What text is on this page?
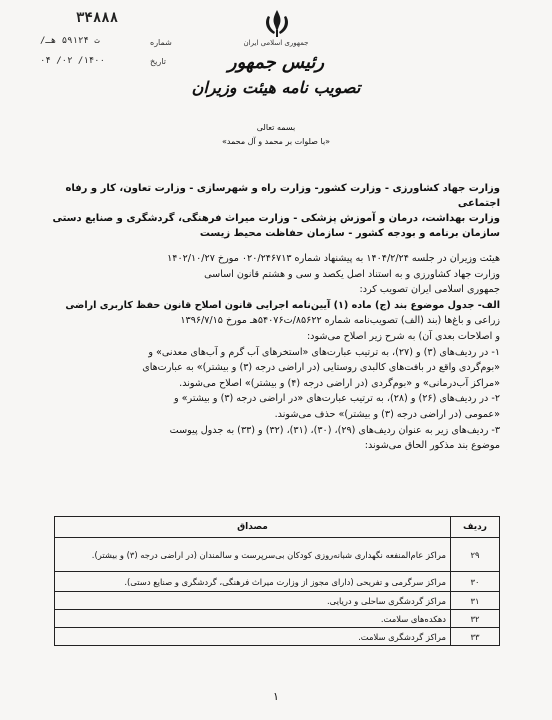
٣۴٨٨٨
شماره
/ت ۵۹۱۲۴ هـ
تاریخ
۰۴ /۰۲ /۱۴۰۰
جمهوری اسلامی ایران
رئیس جمهور
تصویب نامه هیئت وزیران
بسمه تعالی
«با صلوات بر محمد و آل محمد»
وزارت جهاد کشاورزی - وزارت کشور- وزارت راه و شهرسازی - وزارت تعاون، کار و رفاه اجتماعی
وزارت بهداشت، درمان و آموزش پزشکی - وزارت میراث فرهنگی، گردشگری و صنایع دستی
سازمان برنامه و بودجه کشور - سازمان حفاظت محیط زیست

هیئت وزیران در جلسه ۱۴۰۴/۲/۲۴ به پیشنهاد شماره ۰۲۰/۲۴۶۷۱۳ مورخ ۱۴۰۲/۱۰/۲۷

وزارت جهاد کشاورزی و به استناد اصل یکصد و سی و هشتم قانون اساسی

جمهوری اسلامی ایران تصویب کرد:

الف- جدول موضوع بند (ج) ماده (۱) آیین‌نامه اجرایی قانون اصلاح قانون حفظ کاربری اراضی

زراعی و باغ‌ها (بند (الف) تصویب‌نامه شماره ۸۵۶۲۲/ت۵۴۰۷۶هـ مورخ ۱۳۹۶/۷/۱۵

و اصلاحات بعدی آن) به شرح زیر اصلاح می‌شود:

۱- در ردیف‌های (۳) و (۲۷)، به ترتیب عبارت‌های «استخرهای آب گرم و آب‌های معدنی» و

«بوم‌گردی واقع در بافت‌های کالبدی روستایی (در اراضی درجه (۳) و بیشتر)» به عبارت‌های

«مراکز آب‌درمانی» و «بوم‌گردی (در اراضی درجه (۴) و بیشتر)» اصلاح می‌شوند.

۲- در ردیف‌های (۲۶) و (۲۸)، به ترتیب عبارت‌های «در اراضی درجه (۳) و بیشتر» و

«عمومی (در اراضی درجه (۳) و بیشتر)» حذف می‌شوند.

۳- ردیف‌های زیر به عنوان ردیف‌های (۲۹)، (۳۰)، (۳۱)، (۳۲) و (۳۳) به جدول پیوست

موضوع بند مذکور الحاق می‌شوند:

ردیف	مصداق
۲۹	مراکز عام‌المنفعه نگهداری شبانه‌روزی کودکان بی‌سرپرست و سالمندان (در اراضی درجه (۳) و بیشتر).
۳۰	مراکز سرگرمی و تفریحی (دارای مجوز از وزارت میراث فرهنگی، گردشگری و صنایع دستی).
۳۱	مراکز گردشگری ساحلی و دریایی.
۳۲	دهکده‌های سلامت.
۳۳	مراکز گردشگری سلامت.
۱
